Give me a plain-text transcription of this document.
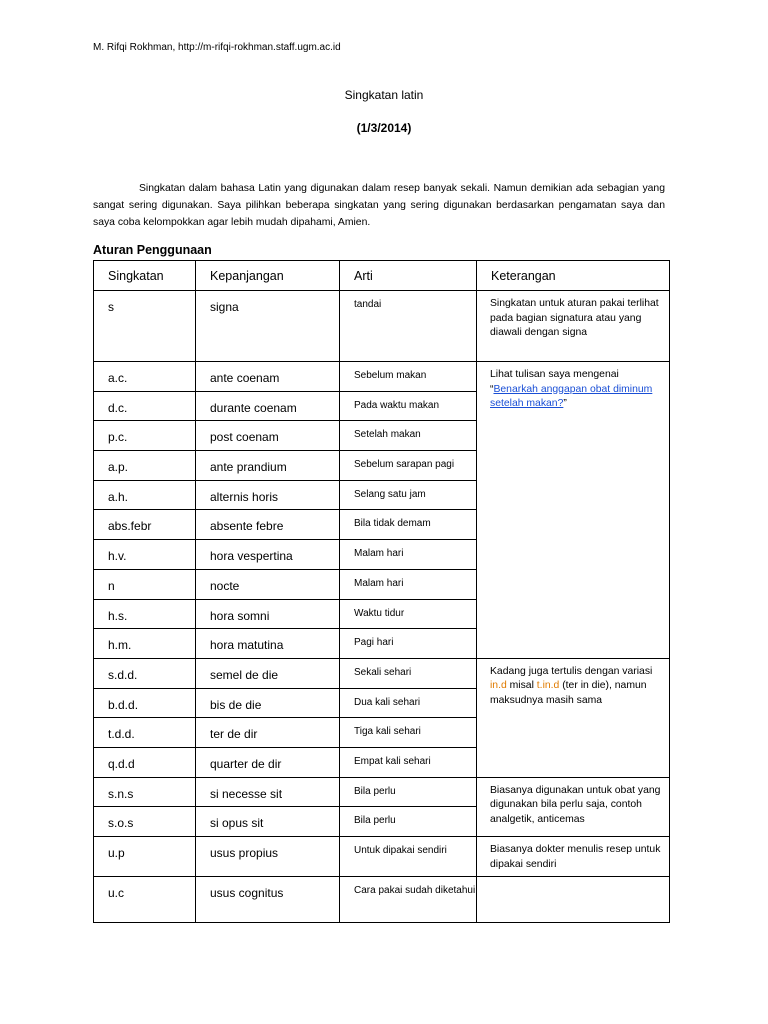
M. Rifqi Rokhman, http://m-rifqi-rokhman.staff.ugm.ac.id
Singkatan latin
(1/3/2014)
Singkatan dalam bahasa Latin yang digunakan dalam resep banyak sekali. Namun demikian ada sebagian yang sangat sering digunakan. Saya pilihkan beberapa singkatan yang sering digunakan berdasarkan pengamatan saya dan saya coba kelompokkan agar lebih mudah dipahami, Amien.
Aturan Penggunaan
Singkatan	Kepanjangan	Arti	Keterangan

s	signa	tandai	Singkatan untuk aturan pakai terlihat pada bagian signatura atau yang diawali dengan signa

a.c.	ante coenam	Sebelum makan	Lihat tulisan saya mengenai “Benarkah anggapan obat diminum setelah makan?”

d.c.	durante coenam	Pada waktu makan	

p.c.	post coenam	Setelah makan	

a.p.	ante prandium	Sebelum sarapan pagi	

a.h.	alternis horis	Selang satu jam	

abs.febr	absente febre	Bila tidak demam	

h.v.	hora vespertina	Malam hari	

n	nocte	Malam hari	

h.s.	hora somni	Waktu tidur	

h.m.	hora matutina	Pagi hari	

s.d.d.	semel de die	Sekali sehari	Kadang juga tertulis dengan variasi in.d misal t.in.d (ter in die), namun maksudnya masih sama

b.d.d.	bis de die	Dua kali sehari	

t.d.d.	ter de dir	Tiga kali sehari	

q.d.d	quarter de dir	Empat kali sehari	

s.n.s	si necesse sit	Bila perlu	Biasanya digunakan untuk obat yang digunakan bila perlu saja, contoh analgetik, anticemas

s.o.s	si opus sit	Bila perlu	

u.p	usus propius	Untuk dipakai sendiri	Biasanya dokter menulis resep untuk dipakai sendiri

u.c	usus cognitus	Cara pakai sudah diketahui	
